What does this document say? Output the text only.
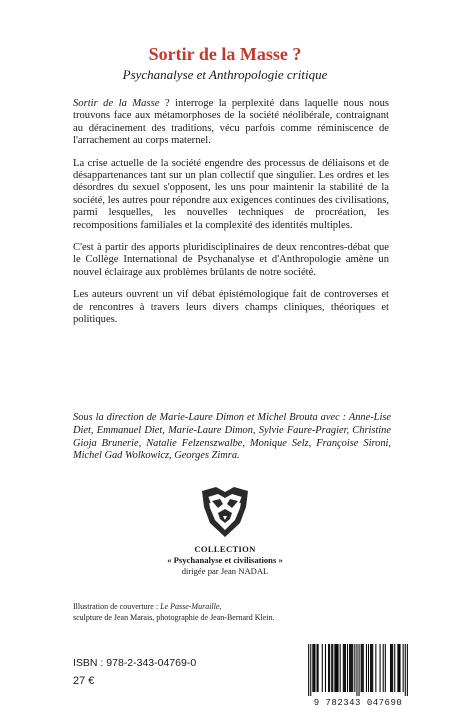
Sortir de la Masse ?
Psychanalyse et Anthropologie critique

Sortir de la Masse ? interroge la perplexité dans laquelle nous nous trouvons face aux métamorphoses de la société néolibérale, contraignant au déracinement des traditions, vécu parfois comme réminiscence de l'arrachement au corps maternel.

La crise actuelle de la société engendre des processus de déliaisons et de désappartenances tant sur un plan collectif que singulier. Les ordres et les désordres du sexuel s'opposent, les uns pour maintenir la stabilité de la société, les autres pour répondre aux exigences continues des civilisations, parmi lesquelles, les nouvelles techniques de procréation, les recompositions familiales et la complexité des identités multiples.

C'est à partir des apports pluridisciplinaires de deux rencontres-débat que le Collège International de Psychanalyse et d'Anthropologie amène un nouvel éclairage aux problèmes brûlants de notre société.

Les auteurs ouvrent un vif débat épistémologique fait de controverses et de rencontres à travers leurs divers champs cliniques, théoriques et politiques.

Sous la direction de Marie-Laure Dimon et Michel Brouta avec : Anne-Lise Diet, Emmanuel Diet, Marie-Laure Dimon, Sylvie Faure-Pragier, Christine Gioja Brunerie, Natalie Felzenszwalbe, Monique Selz, Françoise Sironi, Michel Gad Wolkowicz, Georges Zimra.

COLLECTION
« Psychanalyse et civilisations »
dirigée par Jean NADAL
Illustration de couverture : Le Passe-Muraille,
sculpture de Jean Marais, photographie de Jean-Bernard Klein.
ISBN : 978-2-343-04769-0
27 €
9 782343 047690
